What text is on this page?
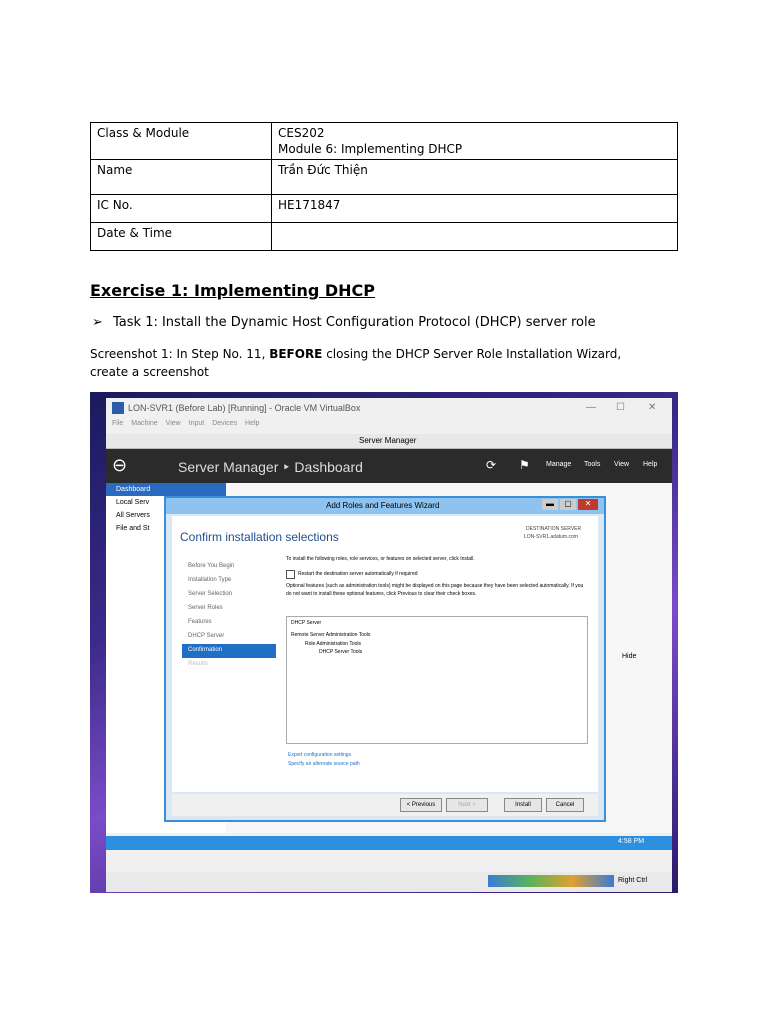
Class & Module	CES202
Module 6: Implementing DHCP

Name	Trần Đức Thiện
IC No.	HE171847
Date & Time	
Exercise 1: Implementing DHCP
➢ Task 1: Install the Dynamic Host Configuration Protocol (DHCP) server role
Screenshot 1: In Step No. 11, BEFORE closing the DHCP Server Role Installation Wizard, create a screenshot
LON-SVR1 (Before Lab) [Running] - Oracle VM VirtualBox	— ☐ ✕
File Machine View Input Devices Help
Server Manager
⊖	Server Manager ‣ Dashboard	⟳ ⚑ Manage Tools View Help
Dashboard
Local Serv
All Servers
File and St
Hide
Add Roles and Features Wizard	▬	▢	✕
Confirm installation selections
DESTINATION SERVER
LON-SVR1.adatum.com
Before You Begin
Installation Type
Server Selection
Server Roles
Features
DHCP Server
Confirmation
Results
To install the following roles, role services, or features on selected server, click Install.
Restart the destination server automatically if required
Optional features (such as administration tools) might be displayed on this page because they have been selected automatically. If you do not want to install these optional features, click Previous to clear their check boxes.
DHCP Server
Remote Server Administration Tools
Role Administration Tools
DHCP Server Tools
Export configuration settings
Specify an alternate source path
< Previous	Next >	Install	Cancel
4:58 PM
Right Ctrl
